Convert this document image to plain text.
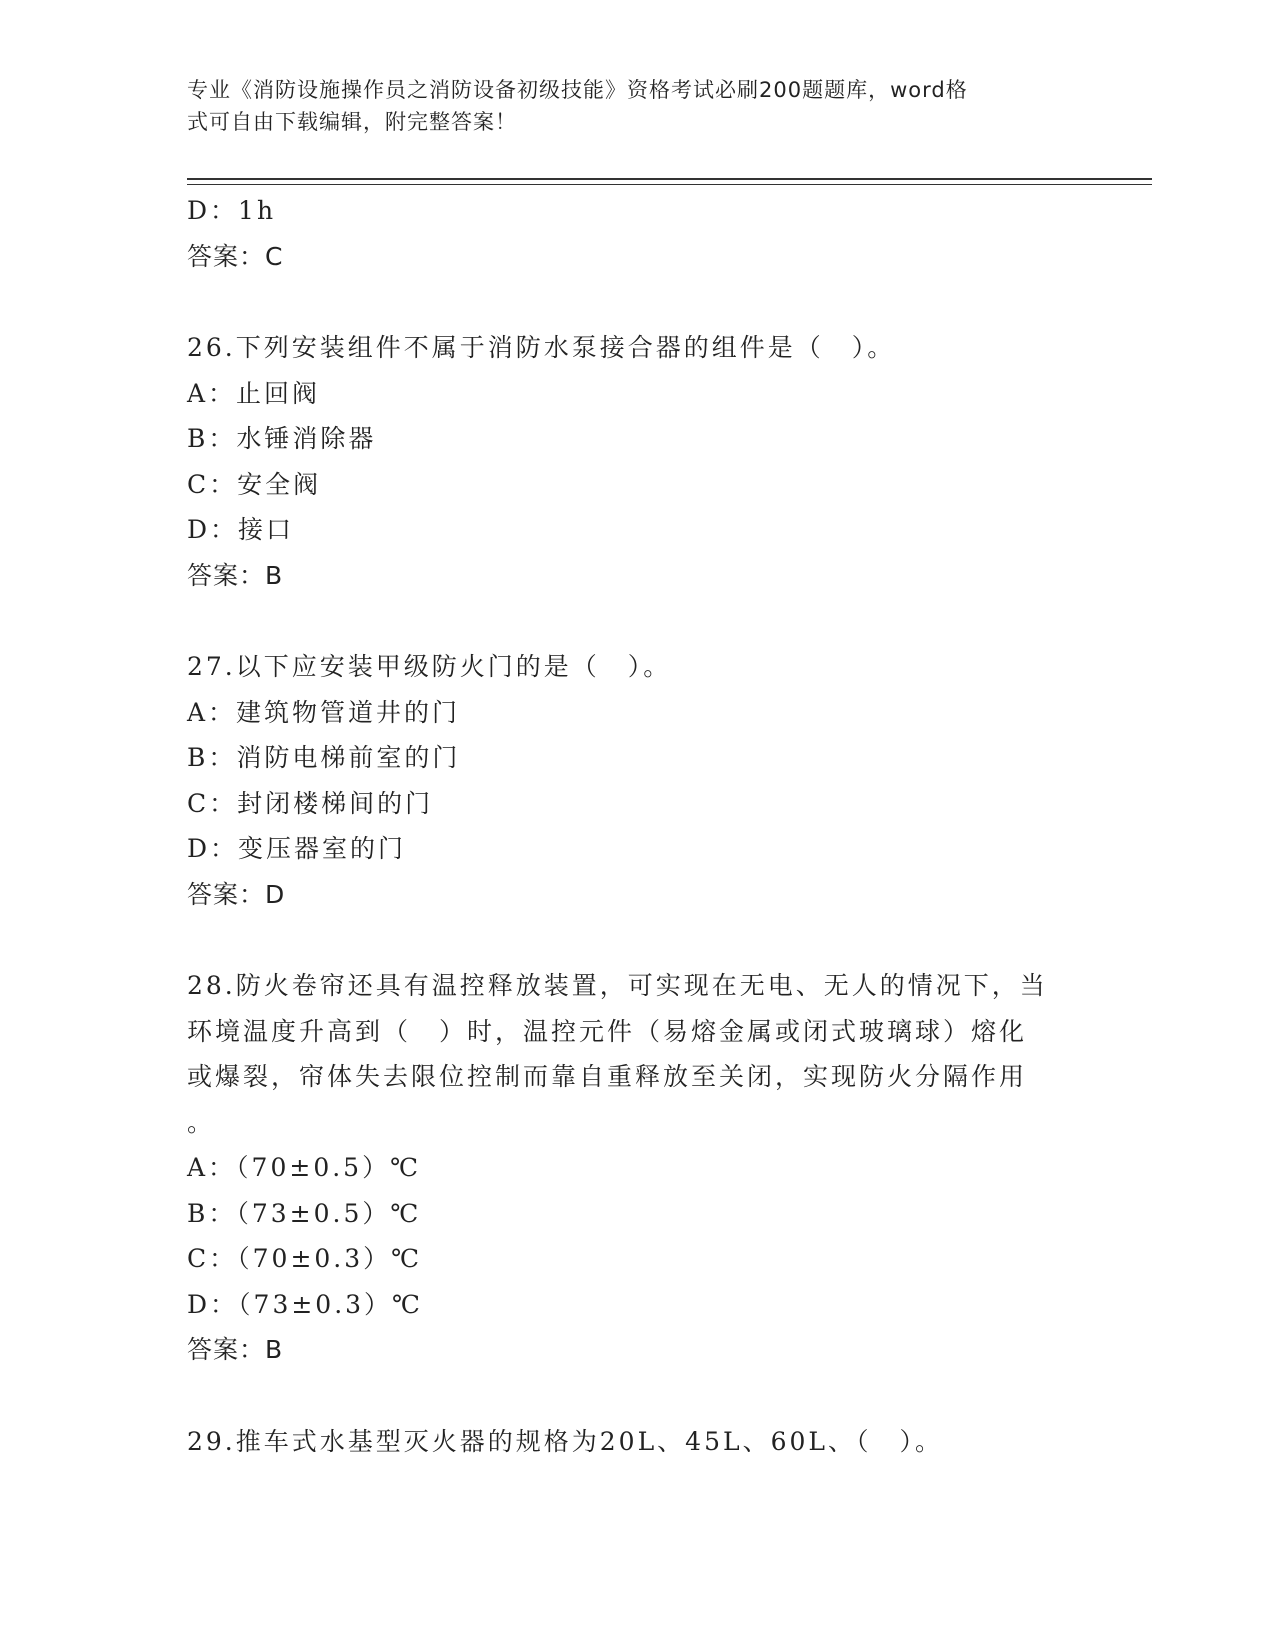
专业《消防设施操作员之消防设备初级技能》资格考试必刷200题题库，word格
式可自由下载编辑，附完整答案！
D：1h
答案：C
26.下列安装组件不属于消防水泵接合器的组件是（　）。
A：止回阀
B：水锤消除器
C：安全阀
D：接口
答案：B
27.以下应安装甲级防火门的是（　）。
A：建筑物管道井的门
B：消防电梯前室的门
C：封闭楼梯间的门
D：变压器室的门
答案：D
28.防火卷帘还具有温控释放装置，可实现在无电、无人的情况下，当
环境温度升高到（　）时，温控元件（易熔金属或闭式玻璃球）熔化
或爆裂，帘体失去限位控制而靠自重释放至关闭，实现防火分隔作用
。
A：（70±0.5）℃
B：（73±0.5）℃
C：（70±0.3）℃
D：（73±0.3）℃
答案：B
29.推车式水基型灭火器的规格为20L、45L、60L、（　）。
